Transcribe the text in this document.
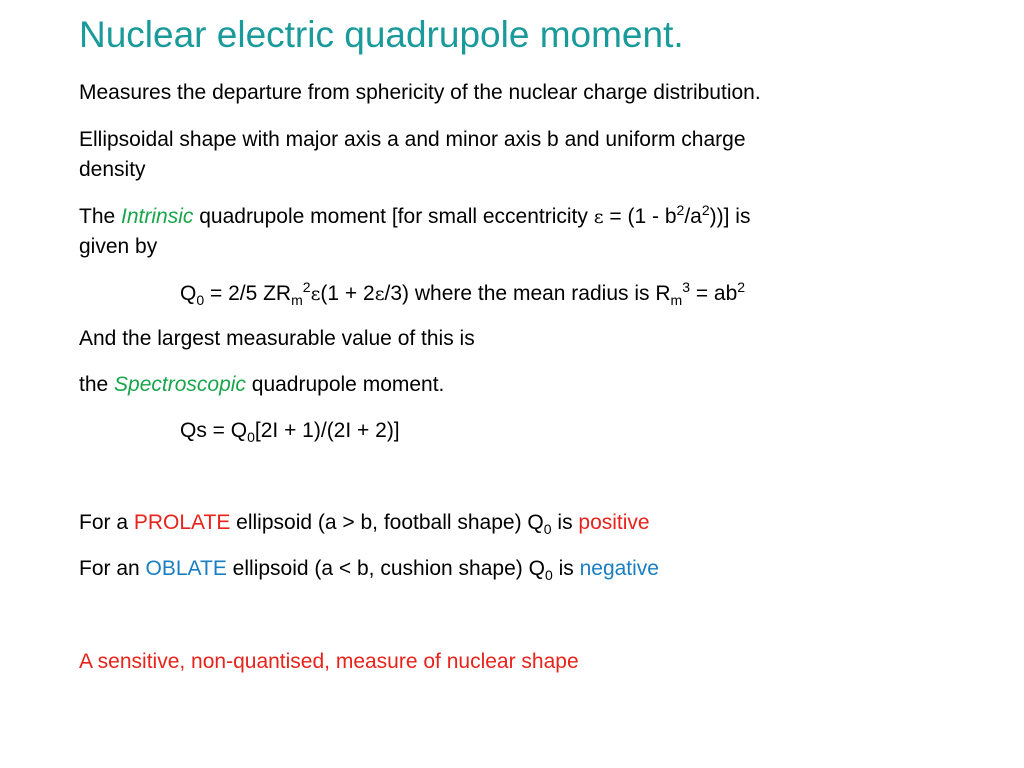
Nuclear electric quadrupole moment.
Measures the departure from sphericity of the nuclear charge distribution.
Ellipsoidal shape with major axis a and minor axis b and uniform charge
density
The Intrinsic quadrupole moment [for small eccentricity $\varepsilon = (1 - b^2/a^2)$)] is
given by
$Q_0 = 2/5$ $ZR_m^2\varepsilon(1 + 2\varepsilon/3)$ where the mean radius is $R_m^3 = ab^2$
And the largest measurable value of this is
the Spectroscopic quadrupole moment.
$Qs = Q_0[2I + 1)/(2I + 2)$]
For a PROLATE ellipsoid (a > b, football shape) $Q_0$ is positive
For an OBLATE ellipsoid (a < b, cushion shape) $Q_0$ is negative
A sensitive, non-quantised, measure of nuclear shape
